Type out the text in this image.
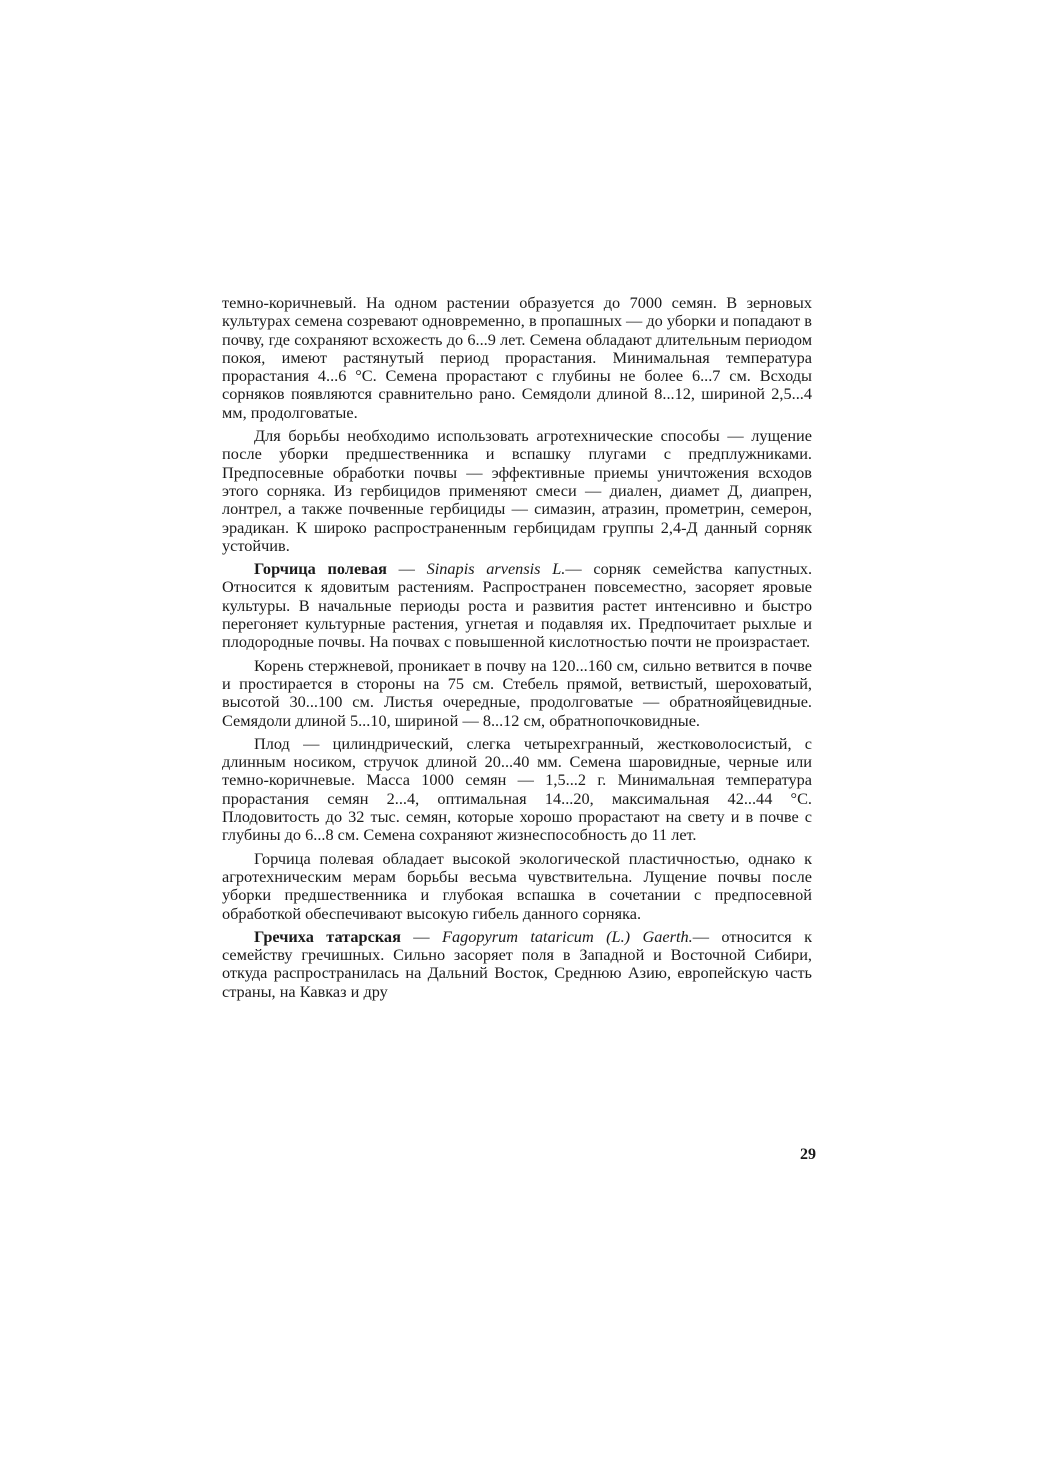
темно-коричневый. На одном растении образуется до 7000 семян. В зерновых культурах семена созревают одновременно, в пропашных — до уборки и попадают в почву, где сохраняют всхожесть до 6...9 лет. Семена обладают длительным периодом покоя, имеют растянутый период прорастания. Минимальная температура прорастания 4...6 °С. Семена прорастают с глубины не более 6...7 см. Всходы сорняков появляются сравнительно рано. Семядоли длиной 8...12, шириной 2,5...4 мм, продолговатые.

Для борьбы необходимо использовать агротехнические способы — лущение после уборки предшественника и вспашку плугами с предплужниками. Предпосевные обработки почвы — эффективные приемы уничтожения всходов этого сорняка. Из гербицидов применяют смеси — диален, диамет Д, диапрен, лонтрел, а также почвенные гербициды — симазин, атразин, прометрин, семерон, эрадикан. К широко распространенным гербицидам группы 2,4-Д данный сорняк устойчив.

Горчица полевая — Sinapis arvensis L.— сорняк семейства капустных. Относится к ядовитым растениям. Распространен повсеместно, засоряет яровые культуры. В начальные периоды роста и развития растет интенсивно и быстро перегоняет культурные растения, угнетая и подавляя их. Предпочитает рыхлые и плодородные почвы. На почвах с повышенной кислотностью почти не произрастает.

Корень стержневой, проникает в почву на 120...160 см, сильно ветвится в почве и простирается в стороны на 75 см. Стебель прямой, ветвистый, шероховатый, высотой 30...100 см. Листья очередные, продолговатые — обратнояйцевидные. Семядоли длиной 5...10, шириной — 8...12 см, обратнопочковидные.

Плод — цилиндрический, слегка четырехгранный, жестковолосистый, с длинным носиком, стручок длиной 20...40 мм. Семена шаровидные, черные или темно-коричневые. Масса 1000 семян — 1,5...2 г. Минимальная температура прорастания семян 2...4, оптимальная 14...20, максимальная 42...44 °С. Плодовитость до 32 тыс. семян, которые хорошо прорастают на свету и в почве с глубины до 6...8 см. Семена сохраняют жизнеспособность до 11 лет.

Горчица полевая обладает высокой экологической пластичностью, однако к агротехническим мерам борьбы весьма чувствительна. Лущение почвы после уборки предшественника и глубокая вспашка в сочетании с предпосевной обработкой обеспечивают высокую гибель данного сорняка.

Гречиха татарская — Fagopyrum tataricum (L.) Gaerth.— относится к семейству гречишных. Сильно засоряет поля в Западной и Восточной Сибири, откуда распространилась на Дальний Восток, Среднюю Азию, европейскую часть страны, на Кавказ и дру

29
